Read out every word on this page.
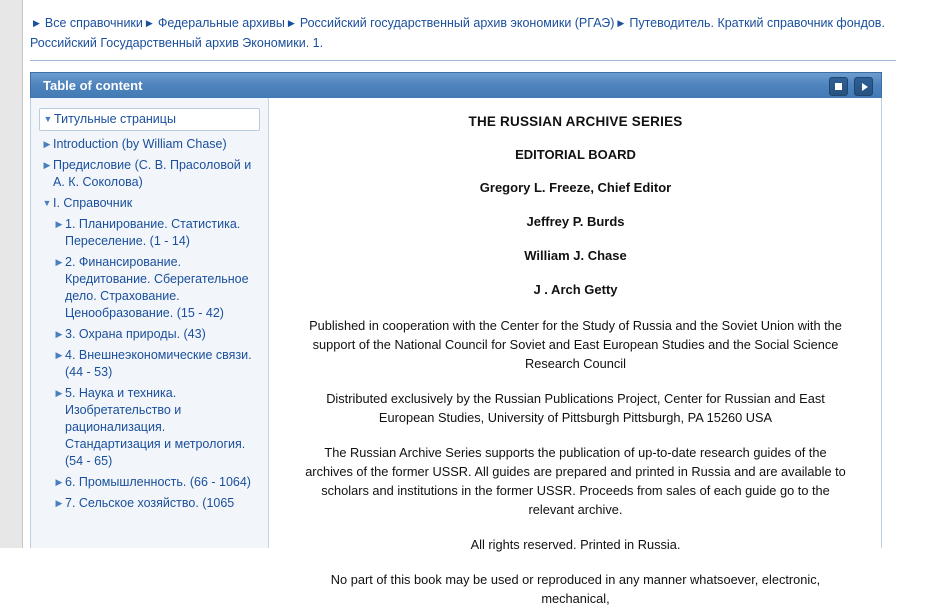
▶ Все справочники ▶ Федеральные архивы ▶ Российский государственный архив экономики (РГАЭ) ▶ Путеводитель. Краткий справочник фондов. Российский Государственный архив Экономики. 1.
Table of content
▼ Титульные страницы
▶ Introduction (by William Chase)
▶ Предисловие (С. В. Прасоловой и А. К. Соколова)
▼ I. Справочник
▶ 1. Планирование. Статистика. Переселение. (1 - 14)
▶ 2. Финансирование. Кредитование. Сберегательное дело. Страхование. Ценообразование. (15 - 42)
▶ 3. Охрана природы. (43)
▶ 4. Внешнеэкономические связи. (44 - 53)
▶ 5. Наука и техника. Изобретательство и рационализация. Стандартизация и метрология. (54 - 65)
▶ 6. Промышленность. (66 - 1064)
▶ 7. Сельское хозяйство. (1065
THE RUSSIAN ARCHIVE SERIES
EDITORIAL BOARD
Gregory L. Freeze, Chief Editor
Jeffrey P. Burds
William J. Chase
J . Arch Getty

Published in cooperation with the Center for the Study of Russia and the Soviet Union with the support of the National Council for Soviet and East European Studies and the Social Science Research Council

Distributed exclusively by the Russian Publications Project, Center for Russian and East European Studies, University of Pittsburgh Pittsburgh, PA 15260 USA

The Russian Archive Series supports the publication of up-to-date research guides of the archives of the former USSR. All guides are prepared and printed in Russia and are available to scholars and institutions in the former USSR. Proceeds from sales of each guide go to the relevant archive.

All rights reserved. Printed in Russia.

No part of this book may be used or reproduced in any manner whatsoever, electronic, mechanical,
